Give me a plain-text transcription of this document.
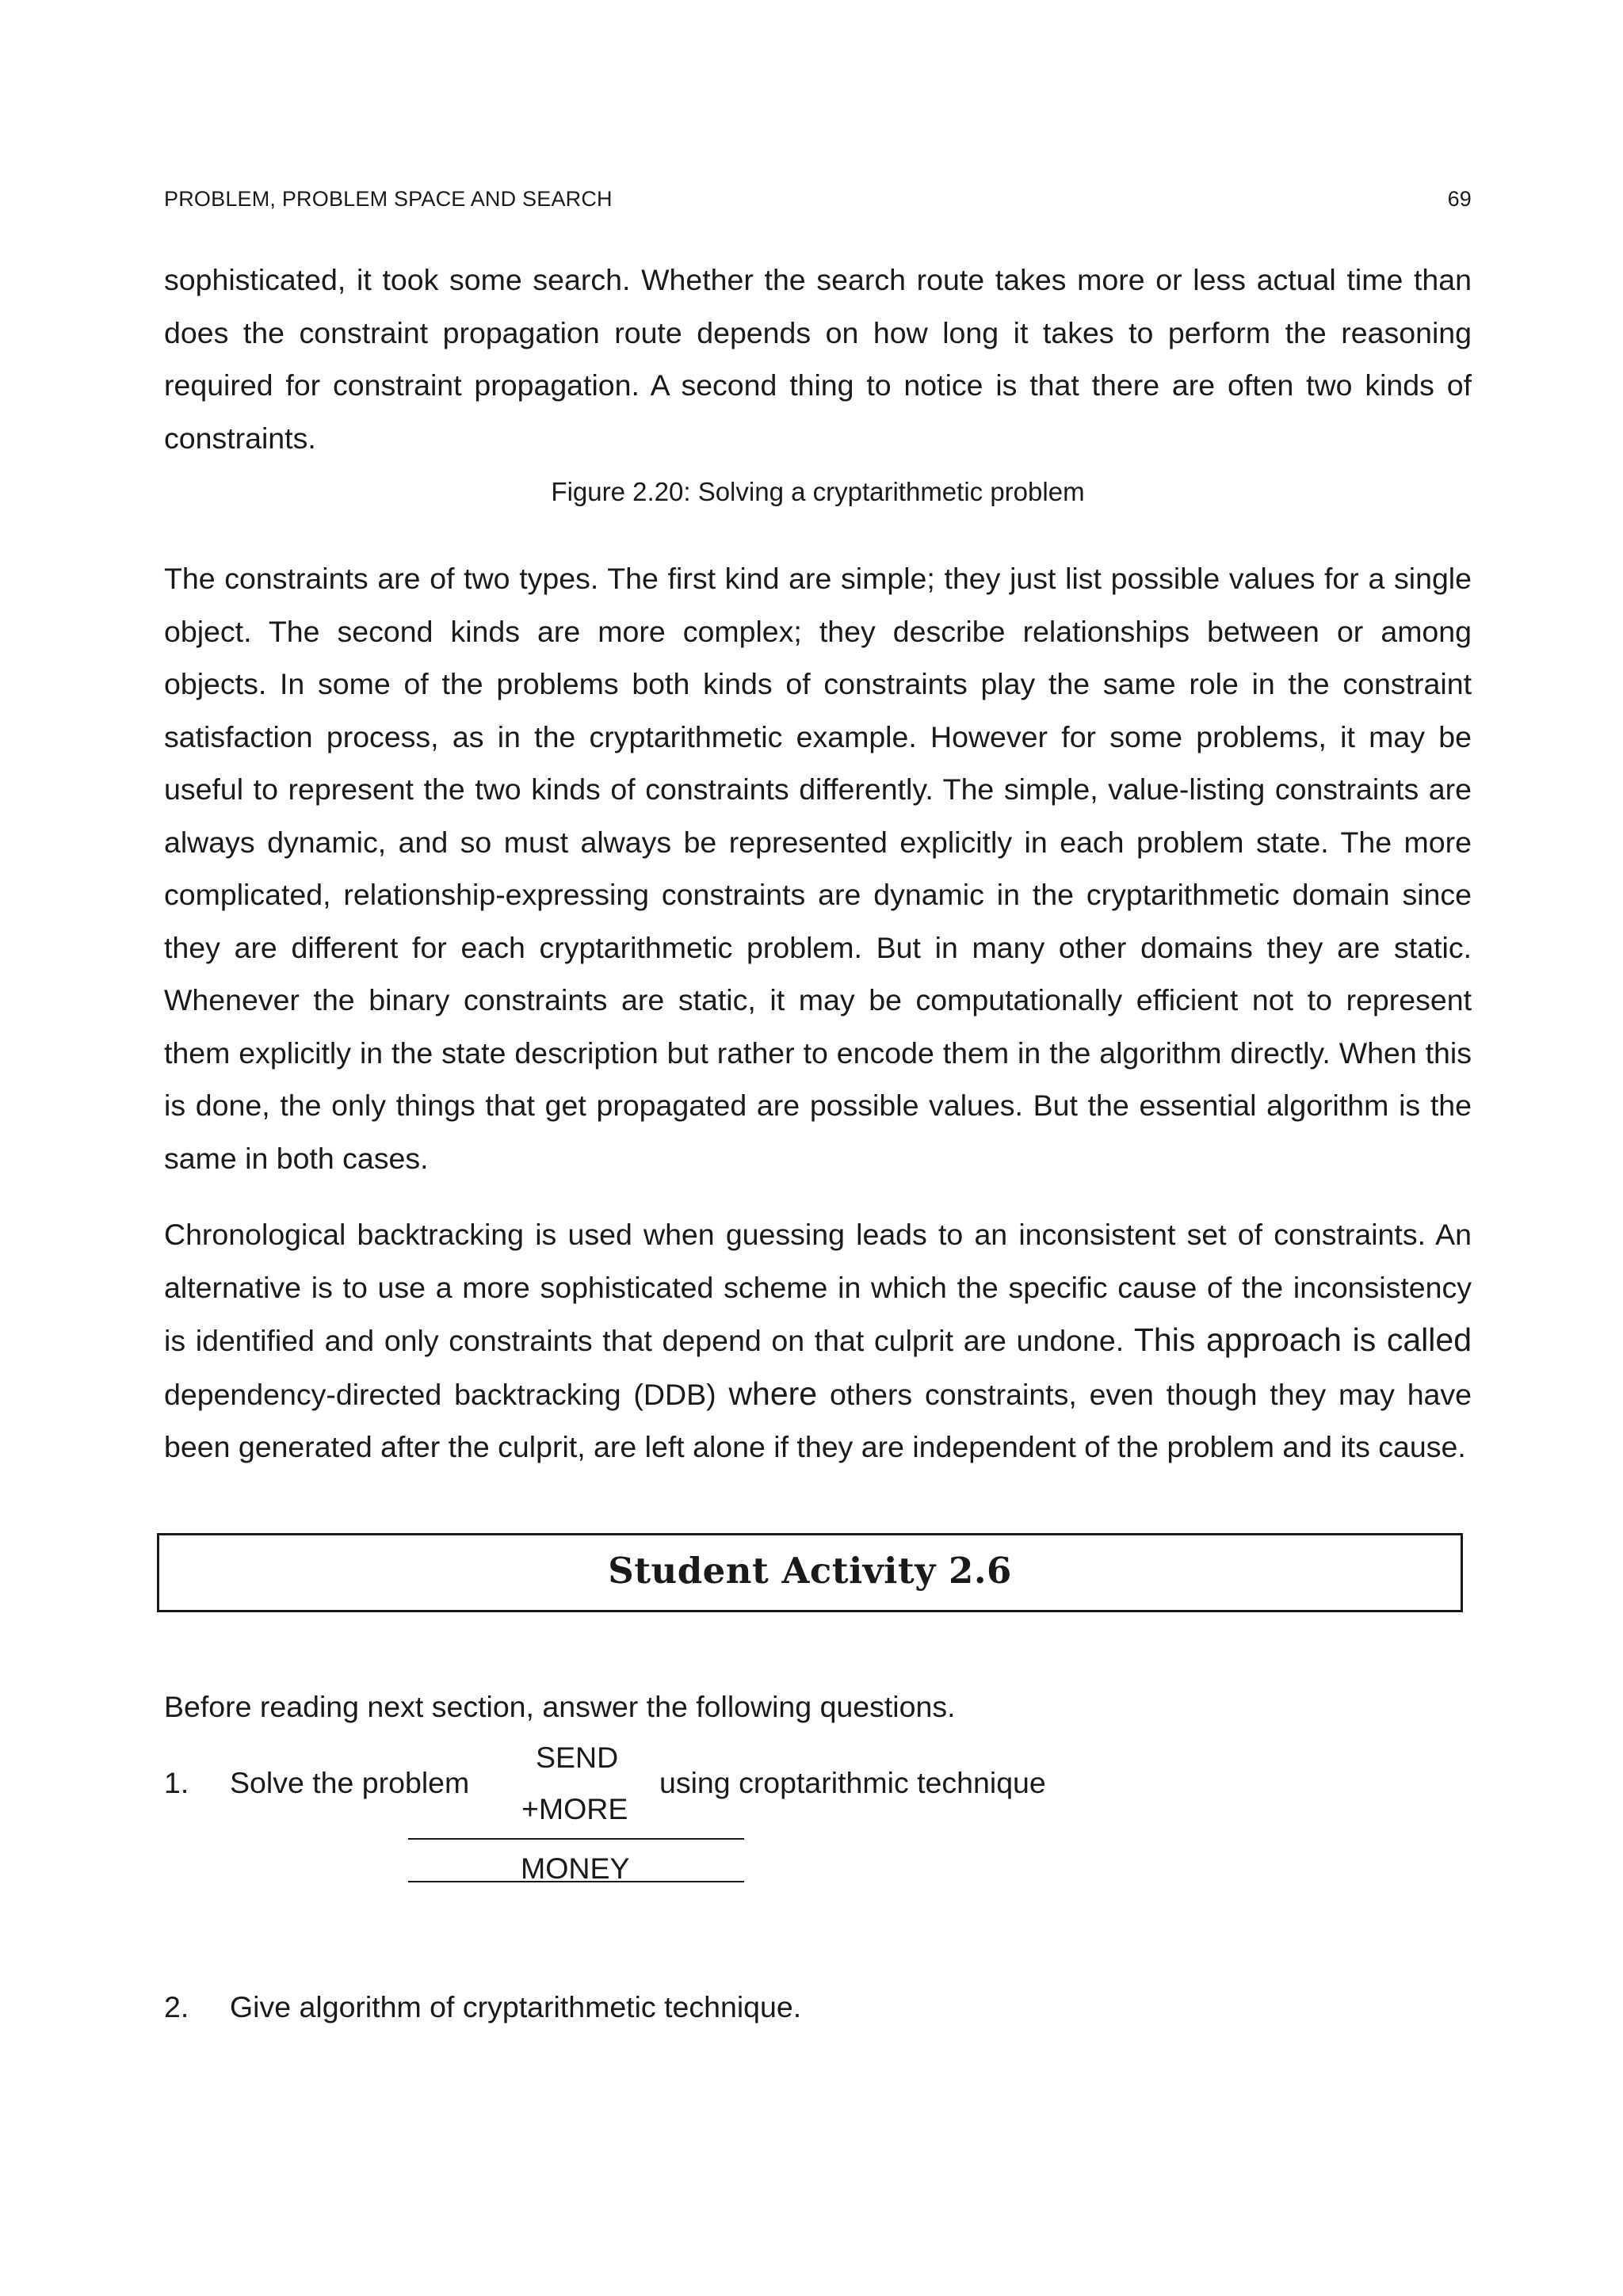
PROBLEM, PROBLEM SPACE AND SEARCH	69

sophisticated, it took some search. Whether the search route takes more or less actual time than does the constraint propagation route depends on how long it takes to perform the reasoning required for constraint propagation. A second thing to notice is that there are often two kinds of constraints.

Figure 2.20: Solving a cryptarithmetic problem

The constraints are of two types. The first kind are simple; they just list possible values for a single object. The second kinds are more complex; they describe relationships between or among objects. In some of the problems both kinds of constraints play the same role in the constraint satisfaction process, as in the cryptarithmetic example. However for some problems, it may be useful to represent the two kinds of constraints differently. The simple, value-listing constraints are always dynamic, and so must always be represented explicitly in each problem state. The more complicated, relationship-expressing constraints are dynamic in the cryptarithmetic domain since they are different for each cryptarithmetic problem. But in many other domains they are static. Whenever the binary constraints are static, it may be computationally efficient not to represent them explicitly in the state description but rather to encode them in the algorithm directly. When this is done, the only things that get propagated are possible values. But the essential algorithm is the same in both cases.

Chronological backtracking is used when guessing leads to an inconsistent set of constraints. An alternative is to use a more sophisticated scheme in which the specific cause of the inconsistency is identified and only constraints that depend on that culprit are undone. This approach is called dependency-directed backtracking (DDB) where others constraints, even though they may have been generated after the culprit, are left alone if they are independent of the problem and its cause.

Student Activity 2.6

Before reading next section, answer the following questions.

1. Solve the problem
SEND
+MORE
using croptarithmic technique
MONEY
2. Give algorithm of cryptarithmetic technique.
